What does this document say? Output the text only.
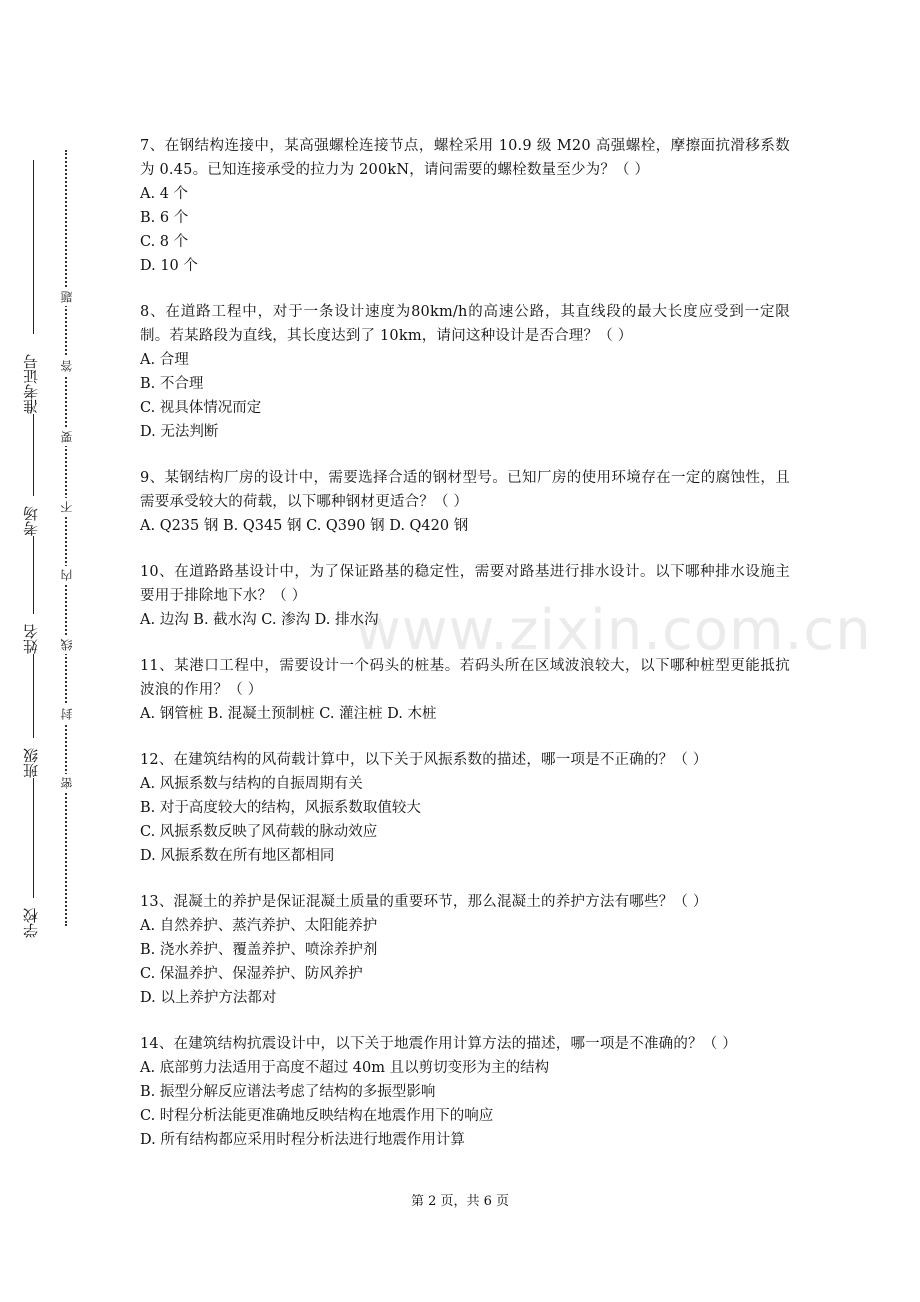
www.zixin.com.cn
准考证号
考场
姓名
班级
学校
题
答
要
不
内
线
封
密
7、在钢结构连接中，某高强螺栓连接节点，螺栓采用 10.9 级 M20 高强螺栓，摩擦面抗滑移系数为 0.45。已知连接承受的拉力为 200kN，请问需要的螺栓数量至少为？（ ）
A. 4 个
B. 6 个
C. 8 个
D. 10 个
8、在道路工程中，对于一条设计速度为80km/h的高速公路，其直线段的最大长度应受到一定限制。若某路段为直线，其长度达到了 10km，请问这种设计是否合理？（ ）
A. 合理
B. 不合理
C. 视具体情况而定
D. 无法判断
9、某钢结构厂房的设计中，需要选择合适的钢材型号。已知厂房的使用环境存在一定的腐蚀性，且需要承受较大的荷载，以下哪种钢材更适合？（ ）
A. Q235 钢 B. Q345 钢 C. Q390 钢 D. Q420 钢
10、在道路路基设计中，为了保证路基的稳定性，需要对路基进行排水设计。以下哪种排水设施主要用于排除地下水？（ ）
A. 边沟 B. 截水沟 C. 渗沟 D. 排水沟
11、某港口工程中，需要设计一个码头的桩基。若码头所在区域波浪较大，以下哪种桩型更能抵抗波浪的作用？（ ）
A. 钢管桩 B. 混凝土预制桩 C. 灌注桩 D. 木桩
12、在建筑结构的风荷载计算中，以下关于风振系数的描述，哪一项是不正确的？（ ）
A. 风振系数与结构的自振周期有关
B. 对于高度较大的结构，风振系数取值较大
C. 风振系数反映了风荷载的脉动效应
D. 风振系数在所有地区都相同
13、混凝土的养护是保证混凝土质量的重要环节，那么混凝土的养护方法有哪些？（ ）
A. 自然养护、蒸汽养护、太阳能养护
B. 浇水养护、覆盖养护、喷涂养护剂
C. 保温养护、保湿养护、防风养护
D. 以上养护方法都对
14、在建筑结构抗震设计中，以下关于地震作用计算方法的描述，哪一项是不准确的？（ ）
A. 底部剪力法适用于高度不超过 40m 且以剪切变形为主的结构
B. 振型分解反应谱法考虑了结构的多振型影响
C. 时程分析法能更准确地反映结构在地震作用下的响应
D. 所有结构都应采用时程分析法进行地震作用计算
第 2 页，共 6 页
